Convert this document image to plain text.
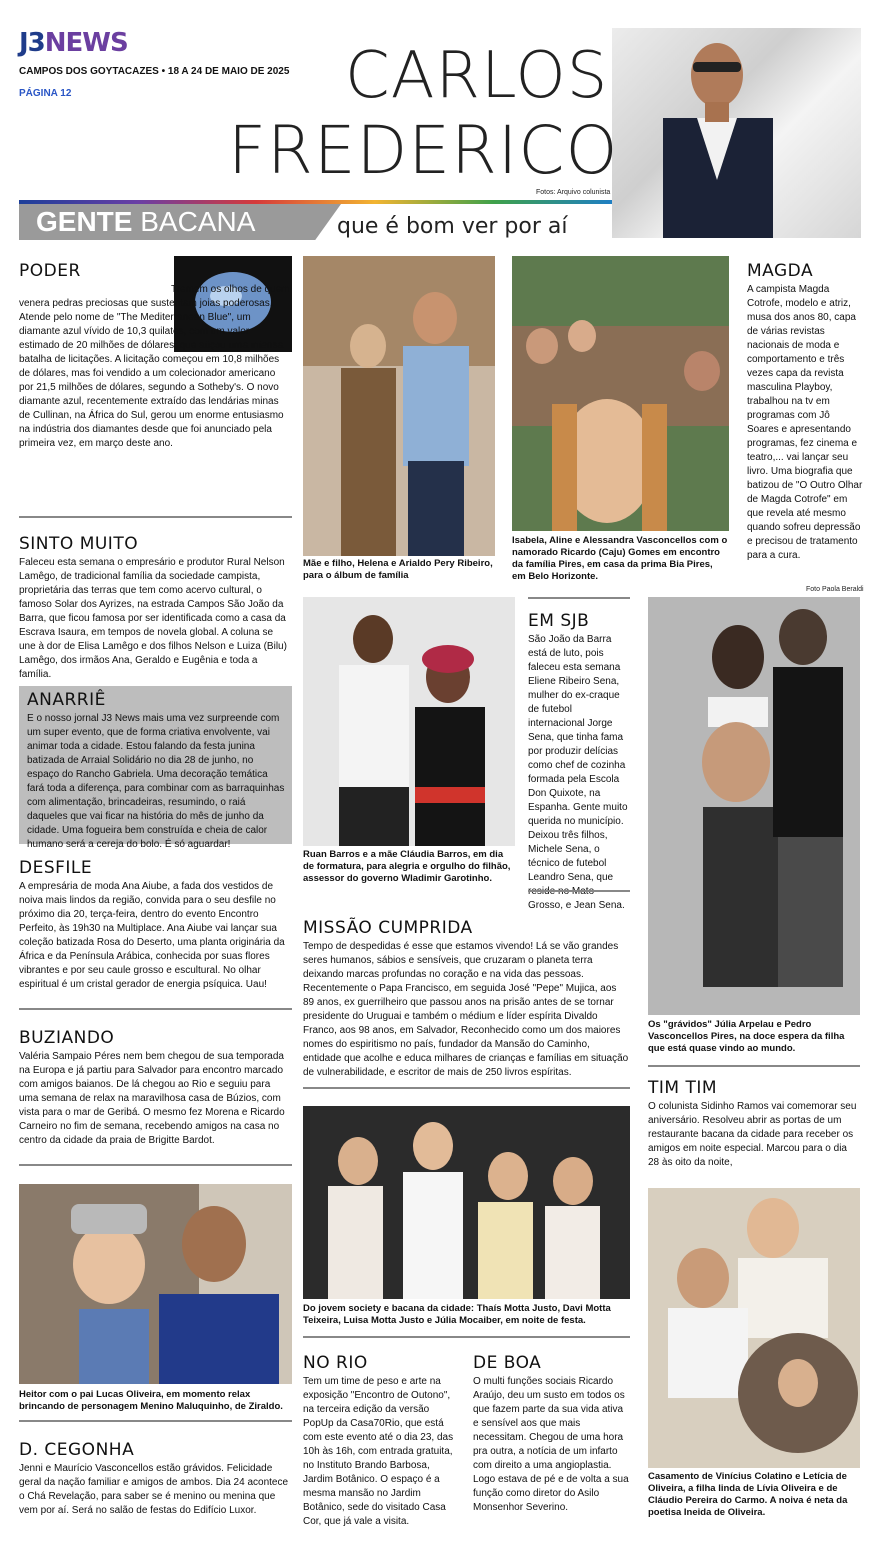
J3NEWS
CAMPOS DOS GOYTACAZES • 18 A 24 DE MAIO DE 2025
PÁGINA 12	CARLOS
FREDERICO
Fotos: Arquivo colunista
GENTE BACANA	que é bom ver por aí
PODER

Tremem os olhos de quem venera pedras preciosas que sustentam joias poderosas. Atende pelo nome de "The Mediterranean Blue", um diamante azul vívido de 10,3 quilates, com um valor estimado de 20 milhões de dólares, que atiçou uma intensa batalha de licitações. A licitação começou em 10,8 milhões de dólares, mas foi vendido a um colecionador americano por 21,5 milhões de dólares, segundo a Sotheby's. O novo diamante azul, recentemente extraído das lendárias minas de Cullinan, na África do Sul, gerou um enorme entusiasmo na indústria dos diamantes desde que foi anunciado pela primeira vez, em março deste ano.

SINTO MUITO

Faleceu esta semana o empresário e produtor Rural Nelson Lamêgo, de tradicional família da sociedade campista, proprietária das terras que tem como acervo cultural, o famoso Solar dos Ayrizes, na estrada Campos São João da Barra, que ficou famosa por ser identificada como a casa da Escrava Isaura, em tempos de novela global. A coluna se une à dor de Elisa Lamêgo e dos filhos Nelson e Luiza (Bilu) Lamêgo, dos irmãos Ana, Geraldo e Eugênia e toda a família.

ANARRIÊ

E o nosso jornal J3 News mais uma vez surpreende com um super evento, que de forma criativa envolvente, vai animar toda a cidade. Estou falando da festa junina batizada de Arraial Solidário no dia 28 de junho, no espaço do Rancho Gabriela. Uma decoração temática fará toda a diferença, para combinar com as barraquinhas com alimentação, brincadeiras, resumindo, o raiá daqueles que vai ficar na história do mês de junho da cidade. Uma fogueira bem construída e cheia de calor humano será a cereja do bolo. É só aguardar!

DESFILE

A empresária de moda Ana Aiube, a fada dos vestidos de noiva mais lindos da região, convida para o seu desfile no próximo dia 20, terça-feira, dentro do evento Encontro Perfeito, às 19h30 na Multiplace. Ana Aiube vai lançar sua coleção batizada Rosa do Deserto, uma planta originária da África e da Península Arábica, conhecida por suas flores vibrantes e por seu caule grosso e escultural. No olhar espiritual é um cristal gerador de energia psíquica. Uau!

BUZIANDO

Valéria Sampaio Péres nem bem chegou de sua temporada na Europa e já partiu para Salvador para encontro marcado com amigos baianos. De lá chegou ao Rio e seguiu para uma semana de relax na maravilhosa casa de Búzios, com vista para o mar de Geribá. O mesmo fez Morena e Ricardo Carneiro no fim de semana, recebendo amigos na casa no centro da cidade da praia de Brigitte Bardot.

Heitor com o pai Lucas Oliveira, em momento relax brincando de personagem Menino Maluquinho, de Ziraldo.

D. CEGONHA

Jenni e Maurício Vasconcellos estão grávidos. Felicidade geral da nação familiar e amigos de ambos. Dia 24 acontece o Chá Revelação, para saber se é menino ou menina que vem por aí. Será no salão de festas do Edifício Luxor.

Mãe e filho, Helena e Arialdo Pery Ribeiro, para o álbum de família

Isabela, Aline e Alessandra Vasconcellos com o namorado Ricardo (Caju) Gomes em encontro da família Pires, em casa da prima Bia Pires, em Belo Horizonte.

MAGDA

A campista Magda Cotrofe, modelo e atriz, musa dos anos 80, capa de várias revistas nacionais de moda e comportamento e três vezes capa da revista masculina Playboy, trabalhou na tv em programas com Jô Soares e apresentando programas, fez cinema e teatro,... vai lançar seu livro. Uma biografia que batizou de "O Outro Olhar de Magda Cotrofe" em que revela até mesmo quando sofreu depressão e precisou de tratamento para a cura.

Foto Paola Beraldi

Ruan Barros e a mãe Cláudia Barros, em dia de formatura, para alegria e orgulho do filhão, assessor do governo Wladimir Garotinho.

EM SJB

São João da Barra está de luto, pois faleceu esta semana Eliene Ribeiro Sena, mulher do ex-craque de futebol internacional Jorge Sena, que tinha fama por produzir delícias como chef de cozinha formada pela Escola Don Quixote, na Espanha. Gente muito querida no município. Deixou três filhos, Michele Sena, o técnico de futebol Leandro Sena, que Grosso, e Jean Sena.

Os "grávidos" Júlia Arpelau e Pedro Vasconcellos Pires, na doce espera da filha que está quase vindo ao mundo.

MISSÃO CUMPRIDA

Tempo de despedidas é esse que estamos vivendo! Lá se vão grandes seres humanos, sábios e sensíveis, que cruzaram o planeta terra deixando marcas profundas no coração e na vida das pessoas. Recentemente o Papa Francisco, em seguida José "Pepe" Mujica, aos 89 anos, ex guerrilheiro que passou anos na prisão antes de se tornar presidente do Uruguai e também o médium e líder espírita Divaldo Franco, aos 98 anos, em Salvador, Reconhecido como um dos maiores nomes do espiritismo no país, fundador da Mansão do Caminho, entidade que acolhe e educa milhares de crianças e famílias em situação de vulnerabilidade, e escritor de mais de 250 livros espíritas.

Do jovem society e bacana da cidade: Thaís Motta Justo, Davi Motta Teixeira, Luisa Motta Justo e Júlia Mocaiber, em noite de festa.

NO RIO

Tem um time de peso e arte na exposição "Encontro de Outono", na terceira edição da versão PopUp da Casa70Rio, que está com este evento até o dia 23, das 10h às 16h, com entrada gratuita, no Instituto Brando Barbosa, Jardim Botânico. O espaço é a mesma mansão no Jardim Botânico, sede do visitado Casa Cor, que já vale a visita.

DE BOA

O multi funções sociais Ricardo Araújo, deu um susto em todos os que fazem parte da sua vida ativa e sensível aos que mais necessitam. Chegou de uma hora pra outra, a notícia de um infarto com direito a uma angioplastia. Logo estava de pé e de volta a sua função como diretor do Asilo Monsenhor Severino.

TIM TIM

O colunista Sidinho Ramos vai comemorar seu aniversário. Resolveu abrir as portas de um restaurante bacana da cidade para receber os amigos em noite especial. Marcou para o dia 28 às oito da noite,

Casamento de Vinícius Colatino e Letícia de Oliveira, a filha linda de Lívia Oliveira e de Cláudio Pereira do Carmo. A noiva é neta da poetisa Ineida de Oliveira.
